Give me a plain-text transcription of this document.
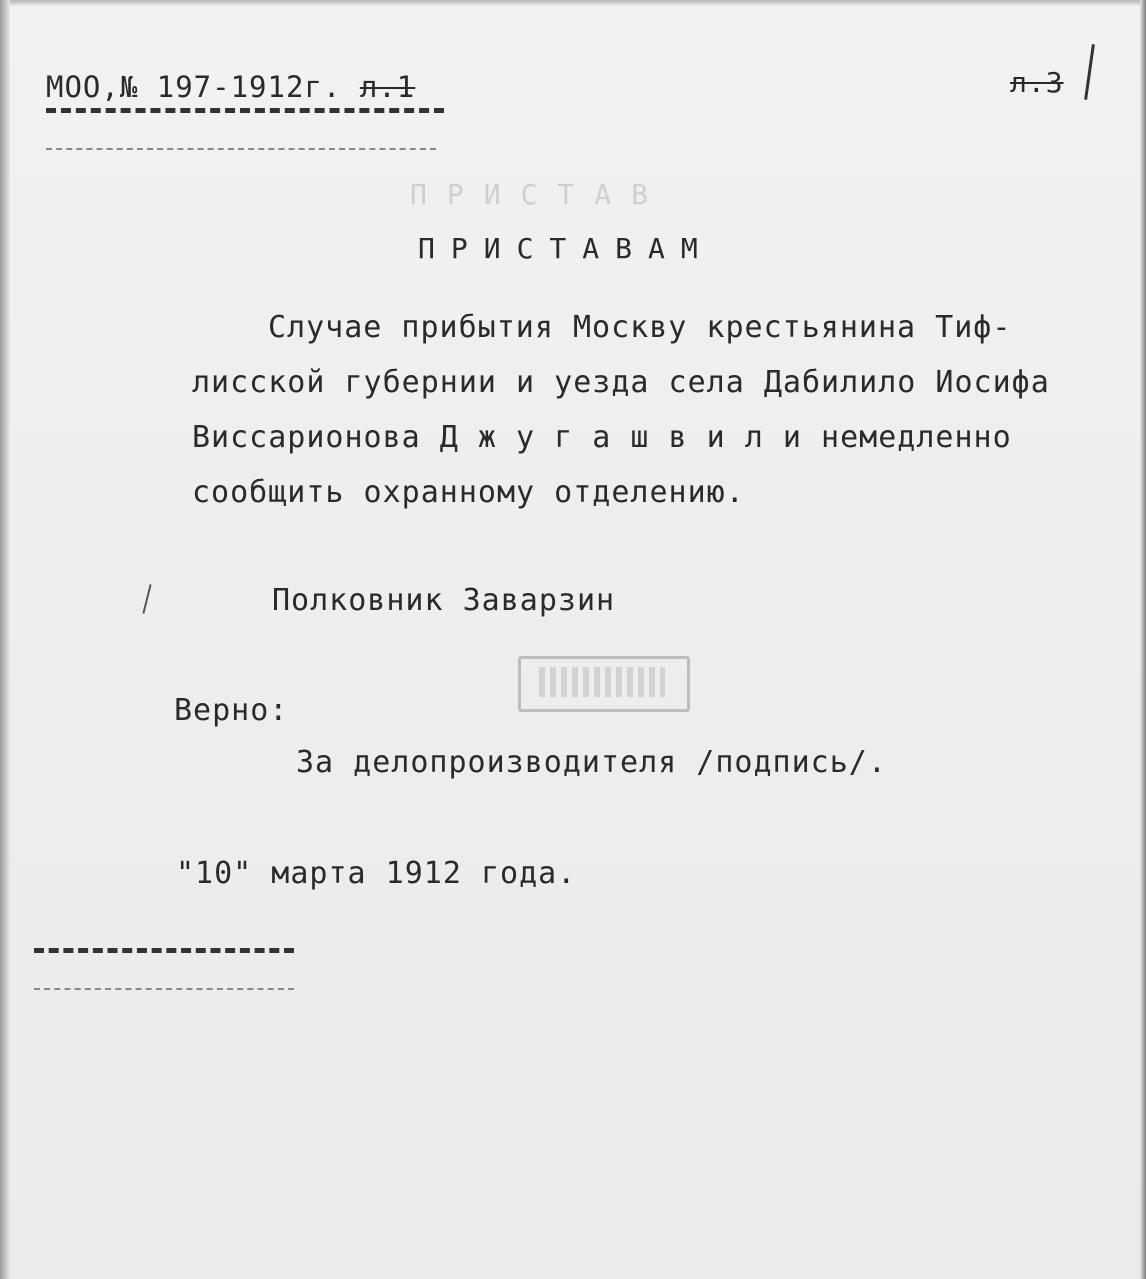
МОО,№ 197-1912г. л.1	л.3
ПРИСТАВ
ПРИСТАВАМ
Случае прибытия Москву крестьянина Тиф-
лисской губернии и уезда села Дабилило Иосифа
Виссарионова Д ж у г а ш в и л и немедленно
сообщить охранному отделению.
Полковник Заварзин
Верно:
За делопроизводителя /подпись/.
"10" марта 1912 года.
